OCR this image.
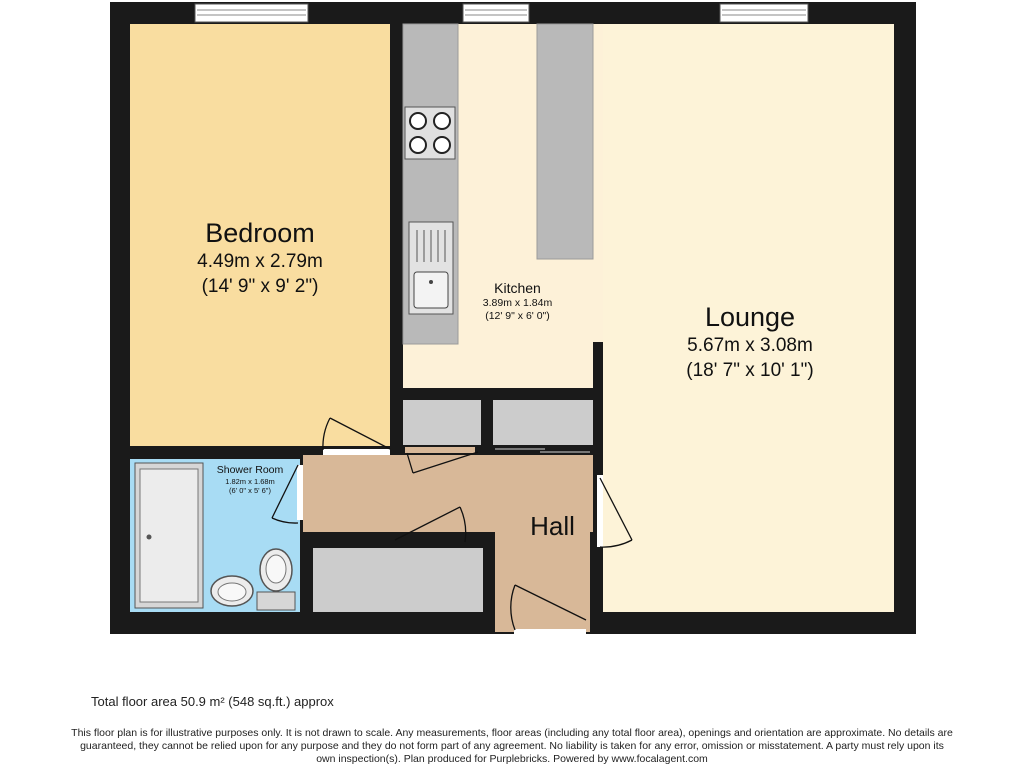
Bedroom
4.49m x 2.79m
(14' 9" x 9' 2")	Kitchen
3.89m x 1.84m
(12' 9" x 6' 0")	Lounge
5.67m x 3.08m
(18' 7" x 10' 1")
Shower Room
1.82m x 1.68m
(6' 0" x 5' 6")
Hall
Total floor area 50.9 m² (548 sq.ft.) approx
This floor plan is for illustrative purposes only. It is not drawn to scale. Any measurements, floor areas (including any total floor area), openings and orientation are approximate. No details are guaranteed, they cannot be relied upon for any purpose and they do not form part of any agreement. No liability is taken for any error, omission or misstatement. A party must rely upon its own inspection(s). Plan produced for Purplebricks. Powered by www.focalagent.com
